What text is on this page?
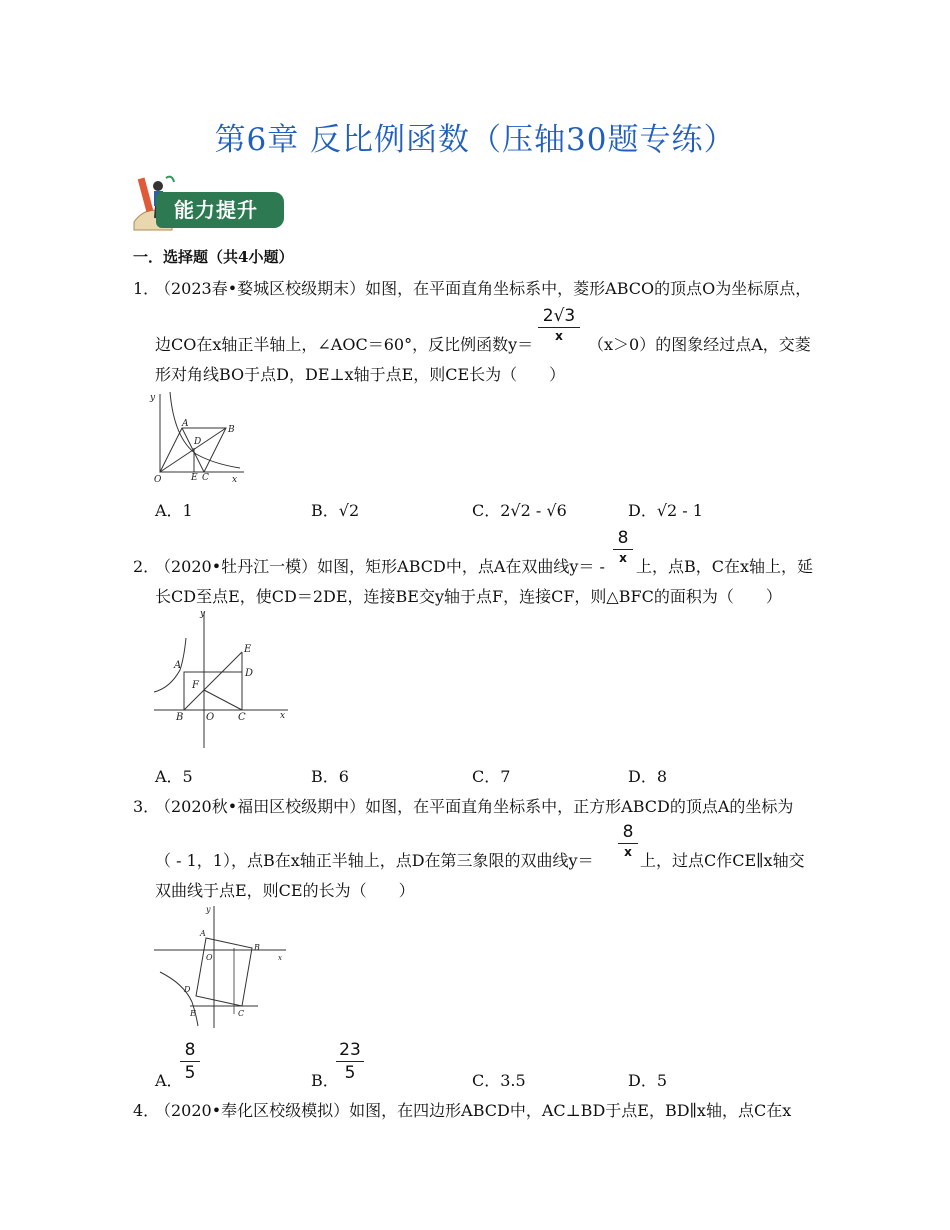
第6章 反比例函数（压轴30题专练）
能力提升
一．选择题（共4小题）
1．
（2023春•婺城区校级期末）如图，在平面直角坐标系中，菱形ABCO的顶点O为坐标原点，
边CO在x轴正半轴上，∠AOC＝60°，反比例函数y＝
2√3
x	（x＞0）的图象经过点A，交菱
形对角线BO于点D，DE⊥x轴于点E，则CE长为（　　）
y
A
B
D
O	E C	x
A．1	B．√2	C．2√2 - √6	D．√2 - 1
2．
（2020•牡丹江一模）如图，矩形ABCD中，点A在双曲线y＝ -
8
x 上，点B，C在x轴上，延
长CD至点E，使CD＝2DE，连接BE交y轴于点F，连接CF，则△BFC的面积为（　　）
y
A
E
D
F
B O C	x
A．5	B．6	C．7	D．8
3．
（2020秋•福田区校级期中）如图，在平面直角坐标系中，正方形ABCD的顶点A的坐标为
（ - 1，1），点B在x轴正半轴上，点D在第三象限的双曲线y＝
8
x 上，过点C作CE∥x轴交
双曲线于点E，则CE的长为（　　）
y
A
B
O	x
D
E	C
A．
8
5	B．
23
5	C．3.5	D．5
4．
（2020•奉化区校级模拟）如图，在四边形ABCD中，AC⊥BD于点E，BD∥x轴，点C在x
